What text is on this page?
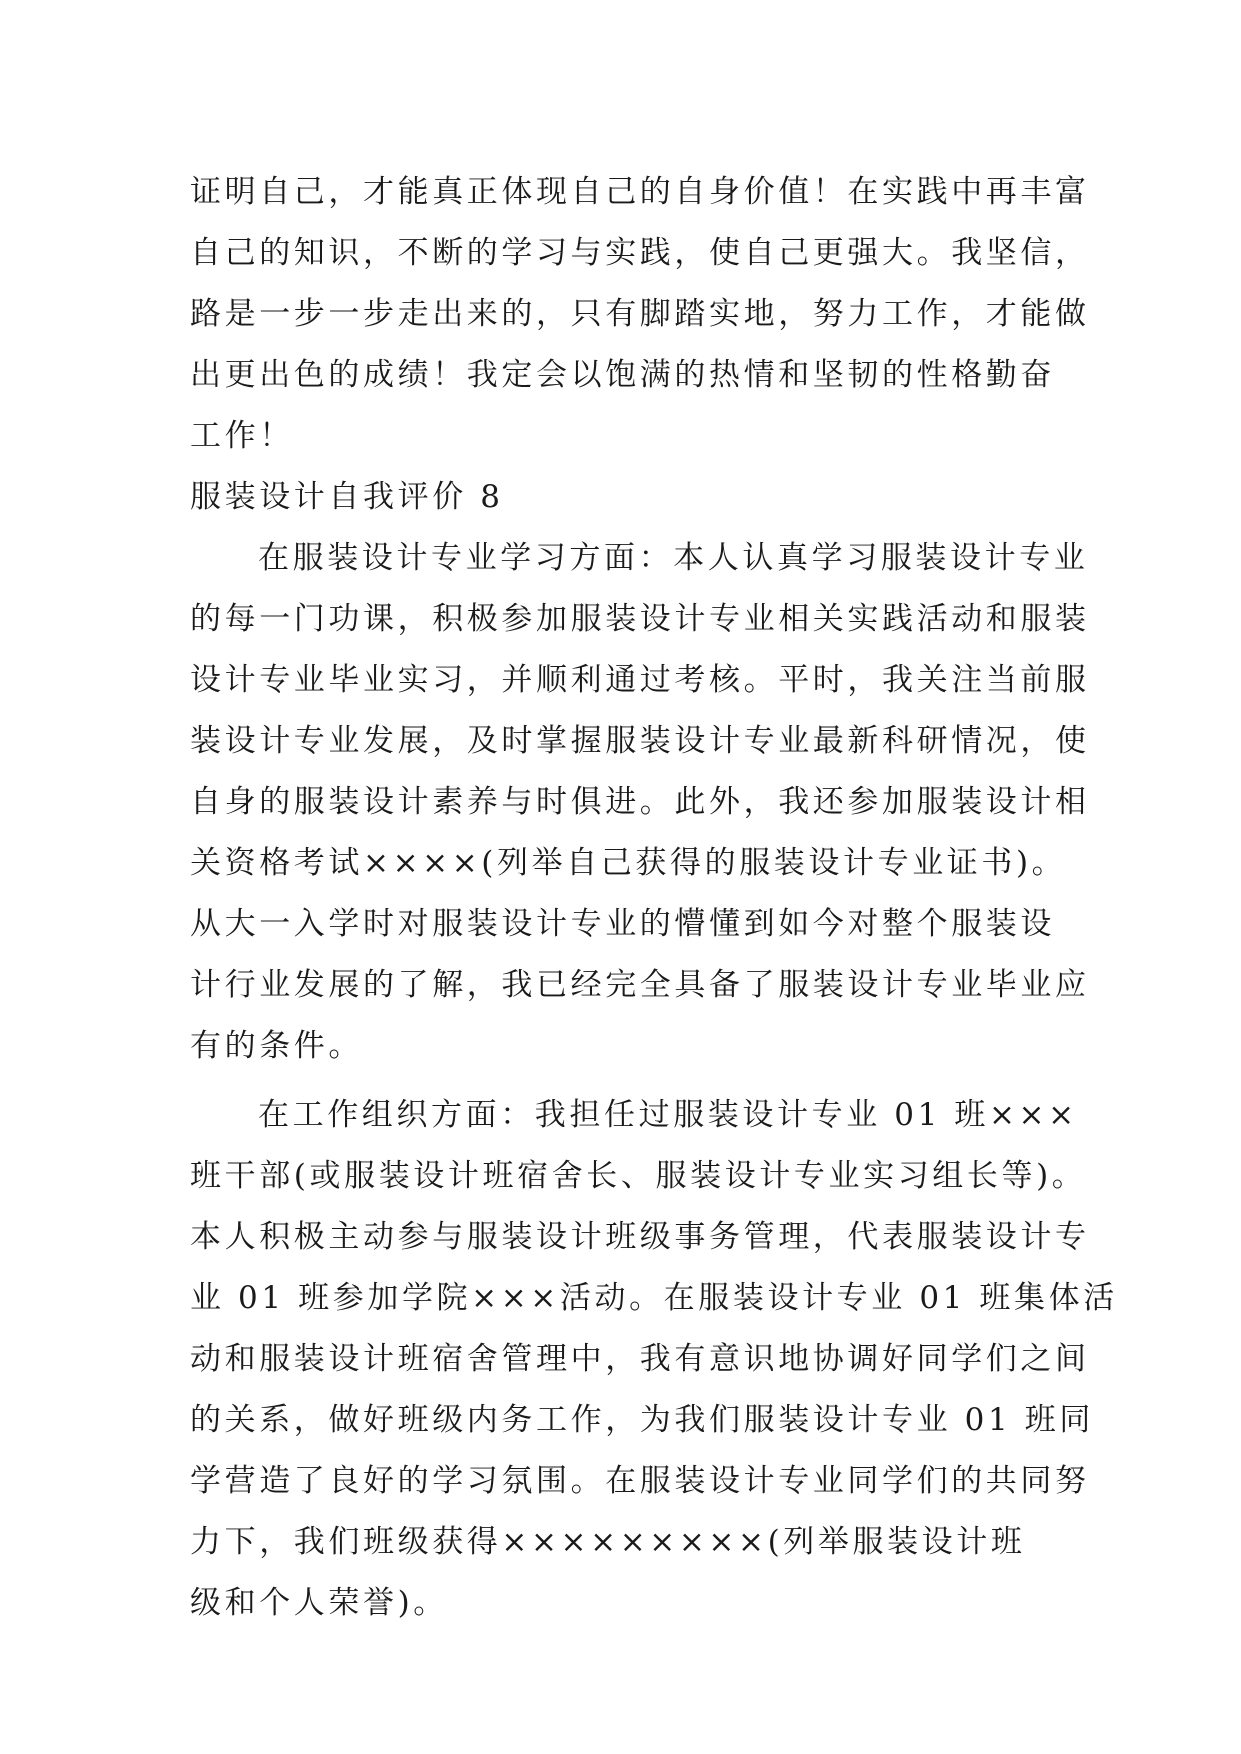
证明自己，才能真正体现自己的自身价值！在实践中再丰富
自己的知识，不断的学习与实践，使自己更强大。我坚信，
路是一步一步走出来的，只有脚踏实地，努力工作，才能做
出更出色的成绩！我定会以饱满的热情和坚韧的性格勤奋
工作！
服装设计自我评价 8
在服装设计专业学习方面：本人认真学习服装设计专业
的每一门功课，积极参加服装设计专业相关实践活动和服装
设计专业毕业实习，并顺利通过考核。平时，我关注当前服
装设计专业发展，及时掌握服装设计专业最新科研情况，使
自身的服装设计素养与时俱进。此外，我还参加服装设计相
关资格考试××××(列举自己获得的服装设计专业证书)。
从大一入学时对服装设计专业的懵懂到如今对整个服装设
计行业发展的了解，我已经完全具备了服装设计专业毕业应
有的条件。
在工作组织方面：我担任过服装设计专业 01 班×××
班干部(或服装设计班宿舍长、服装设计专业实习组长等)。
本人积极主动参与服装设计班级事务管理，代表服装设计专
业 01 班参加学院×××活动。在服装设计专业 01 班集体活
动和服装设计班宿舍管理中，我有意识地协调好同学们之间
的关系，做好班级内务工作，为我们服装设计专业 01 班同
学营造了良好的学习氛围。在服装设计专业同学们的共同努
力下，我们班级获得×××××××××(列举服装设计班
级和个人荣誉)。
